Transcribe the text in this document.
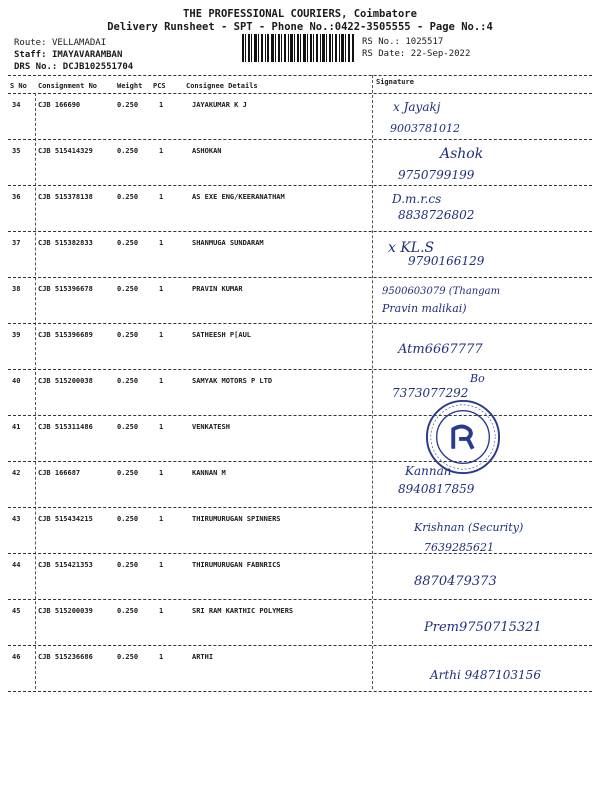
THE PROFESSIONAL COURIERS, Coimbatore
Delivery Runsheet - SPT - Phone No.:0422-3505555 - Page No.:4
Route: VELLAMADAI
Staff: IMAYAVARAMBAN
DRS No.: DCJB102551704
RS No.: 1025517
RS Date: 22-Sep-2022
S No Consignment No	Weight PCS	Consignee Details	Signature
34	CJB 166690	0.250	1	JAYAKUMAR K J	x Jayakj
9003781012
35	CJB 515414329	0.250	1	ASHOKAN	Ashok
9750799199
36	CJB 515378138	0.250	1	AS EXE ENG/KEERANATHAM	D.m.r.cs
8838726802
37	CJB 515382833	0.250	1	SHANMUGA SUNDARAM	x KL.S
9790166129
38	CJB 515396678	0.250	1	PRAVIN KUMAR	9500603079 (Thangam
Pravin malikai)
39	CJB 515396689	0.250	1	SATHEESH P[AUL
Atm6667777
40	CJB 515200038	0.250	1	SAMYAK MOTORS P LTD	Bo
7373077292
41	CJB 515311486	0.250	1	VENKATESH
42	CJB 166687	0.250	1	KANNAN M	Kannan
8940817859
43	CJB 515434215	0.250	1	THIRUMURUGAN SPINNERS
Krishnan (Security)
7639285621
44	CJB 515421353	0.250	1	THIRUMURUGAN FABNRICS
8870479373
45	CJB 515200039	0.250	1	SRI RAM KARTHIC POLYMERS
Prem9750715321
46	CJB 515236686	0.250	1	ARTHI
Arthi 9487103156
